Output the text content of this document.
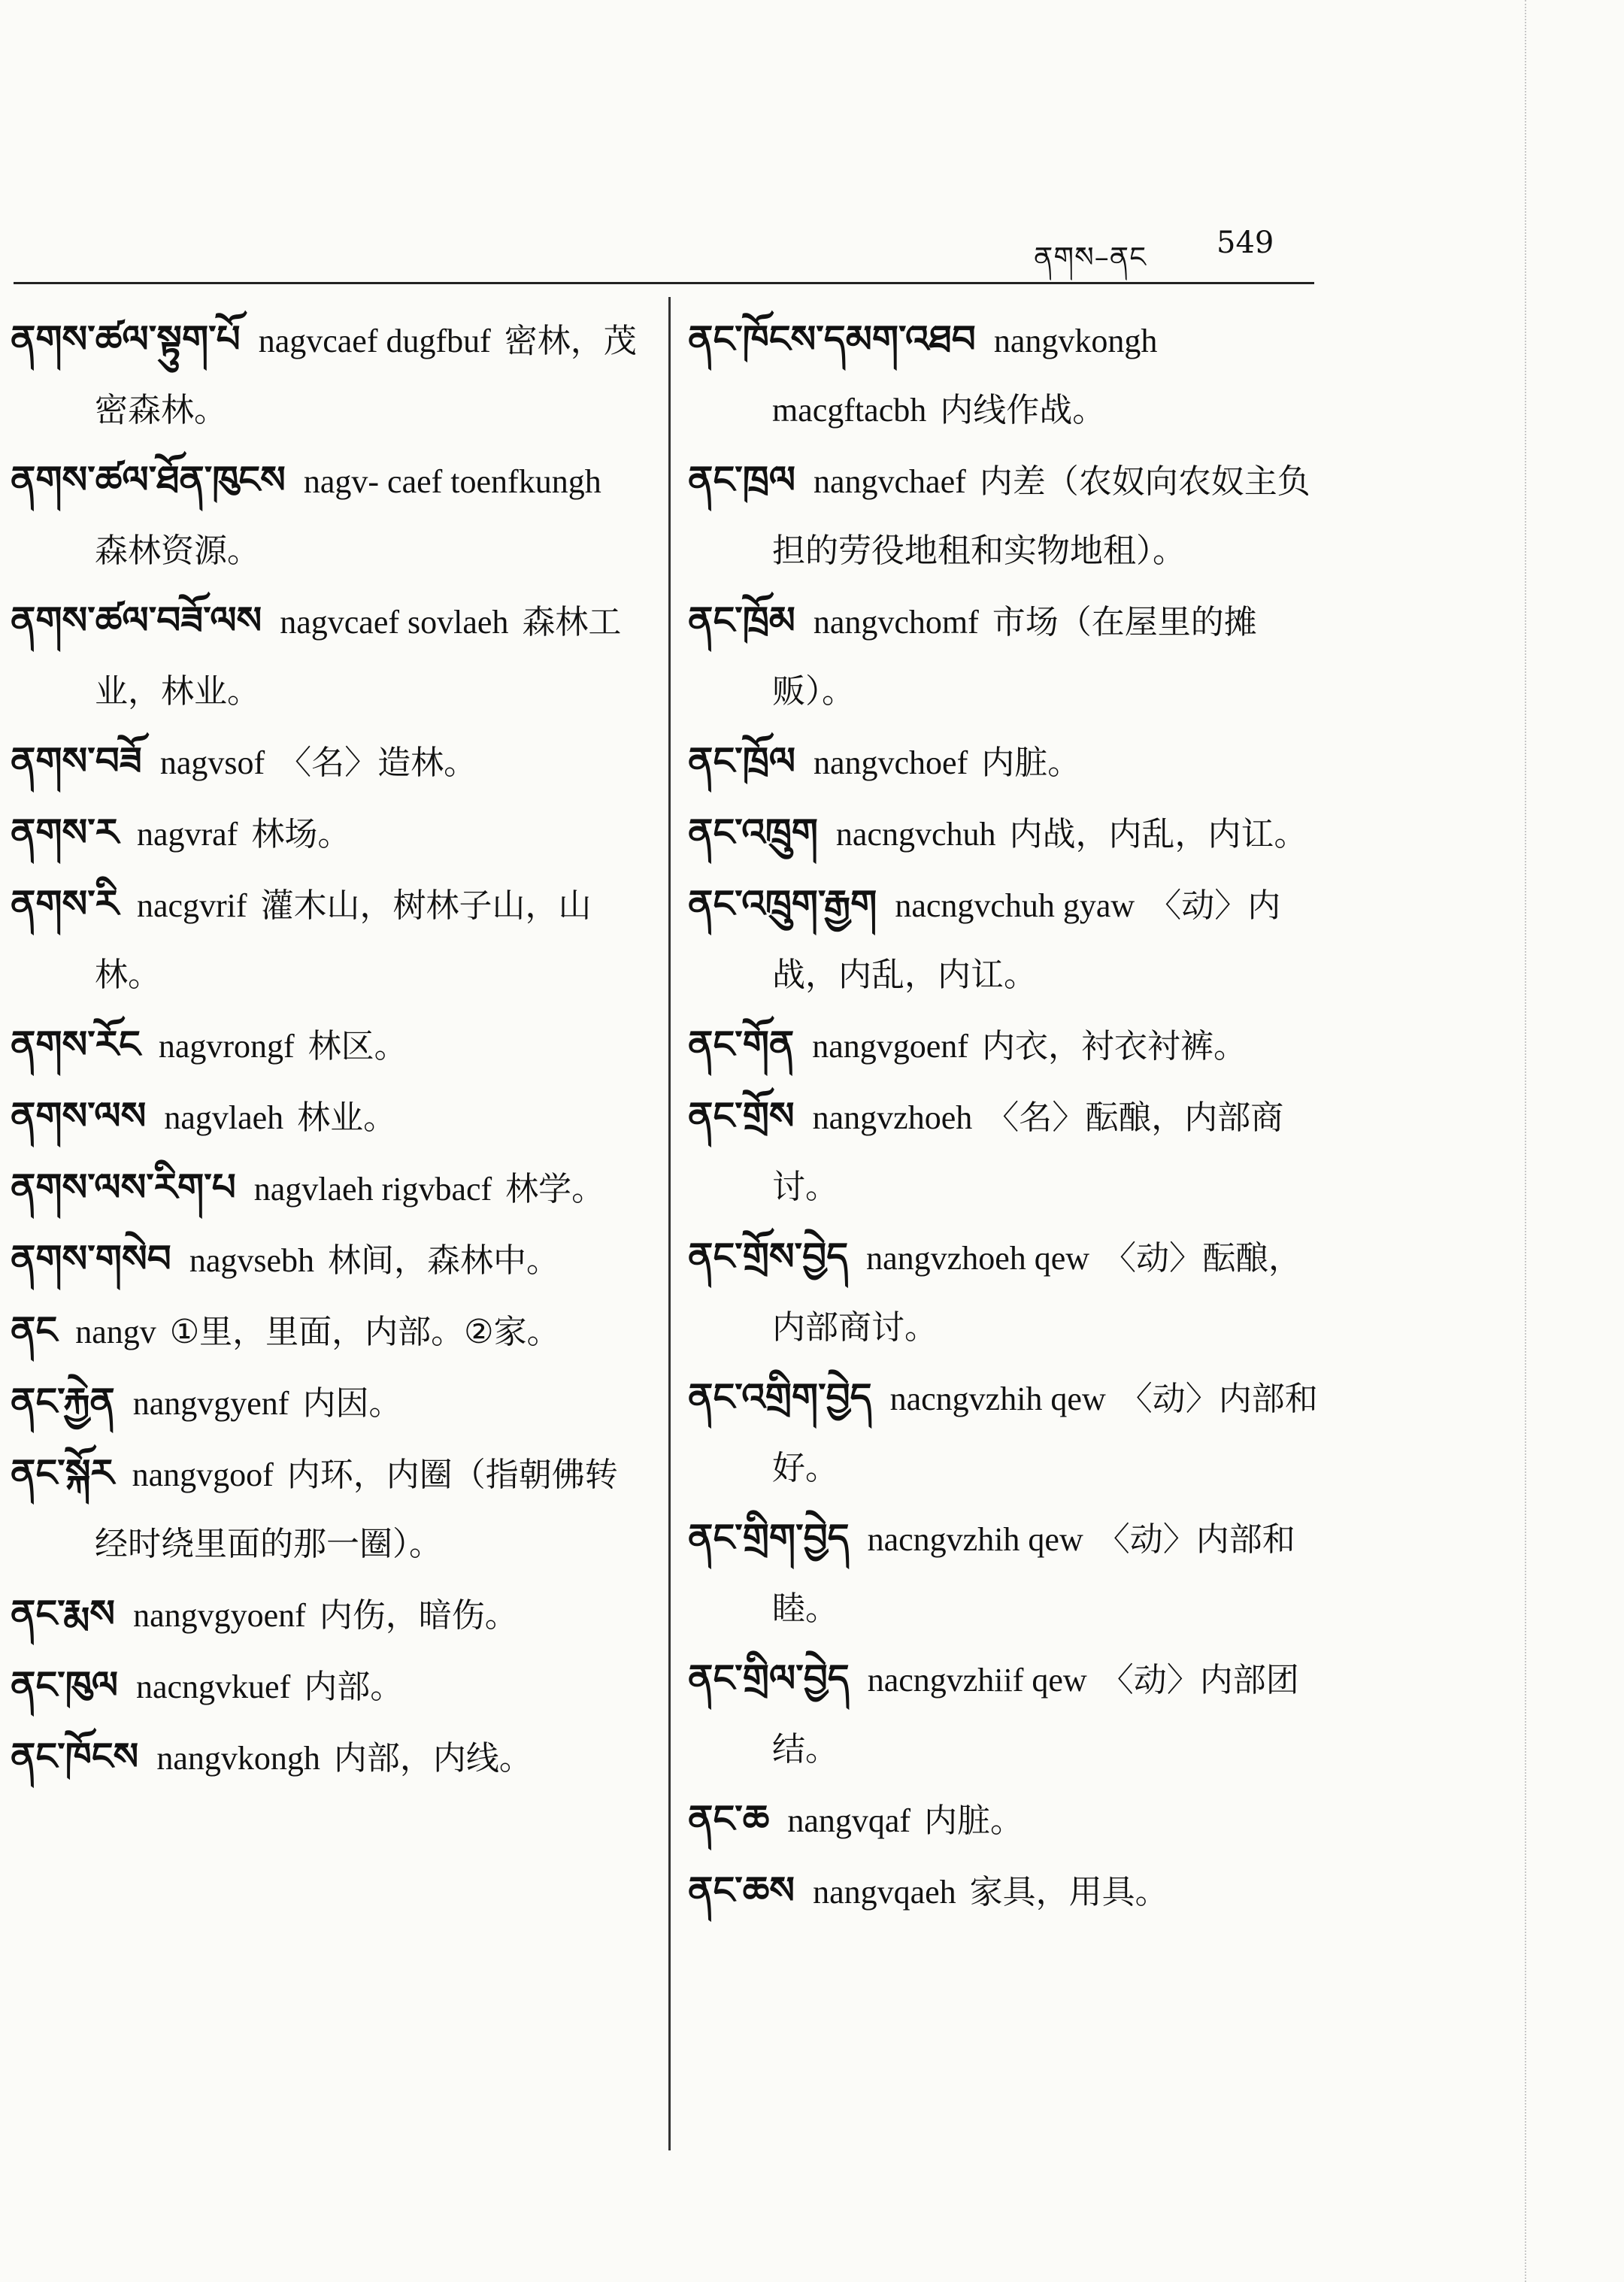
ནགས–ནང 549
ནགས་ཚལ་སྟུག་པོ nagvcaef dugfbuf 密林，茂密森林。
ནགས་ཚལ་ཐོན་ཁུངས nagv- caef toenfkungh森林资源。
ནགས་ཚལ་བཟོ་ལས nagvcaef sovlaeh 森林工业，林业。
ནགས་བཟོ nagvsof 〈名〉造林。
ནགས་ར nagvraf 林场。
ནགས་རི nacgvrif 灌木山，树林子山，山林。
ནགས་རོང nagvrongf 林区。
ནགས་ལས nagvlaeh 林业。
ནགས་ལས་རིག་པ nagvlaeh rigvbacf 林学。
ནགས་གསེབ nagvsebh 林间，森林中。
ནང nangv ①里，里面，内部。②家。
ནང་རྐྱེན nangvgyenf 内因。
ནང་སྐོར nangvgoof 内环，内圈（指朝佛转经时绕里面的那一圈）。
ནང་རྨས nangvgyoenf 内伤，暗伤。
ནང་ཁུལ nacngvkuef 内部。
ནང་ཁོངས nangvkongh 内部，内线。
ནང་ཁོངས་དམག་འཐབ nangvkongh macgftacbh 内线作战。
ནང་ཁྲལ nangvchaef 内差（农奴向农奴主负担的劳役地租和实物地租）。
ནང་ཁྲོམ nangvchomf 市场（在屋里的摊贩）。
ནང་ཁྲོལ nangvchoef 内脏。
ནང་འཁྲུག nacngvchuh 内战，内乱，内讧。
ནང་འཁྲུག་རྒྱག nacngvchuh gyaw 〈动〉内战，内乱，内讧。
ནང་གོན nangvgoenf 内衣，衬衣衬裤。
ནང་གྲོས nangvzhoeh 〈名〉酝酿，内部商讨。
ནང་གྲོས་བྱེད nangvzhoeh qew 〈动〉酝酿，内部商讨。
ནང་འགྲིག་བྱེད nacngvzhih qew 〈动〉内部和好。
ནང་གྲིག་བྱེད nacngvzhih qew 〈动〉内部和睦。
ནང་གྲིལ་བྱེད nacngvzhiif qew 〈动〉内部团结。
ནང་ཆ nangvqaf 内脏。
ནང་ཆས nangvqaeh 家具，用具。
